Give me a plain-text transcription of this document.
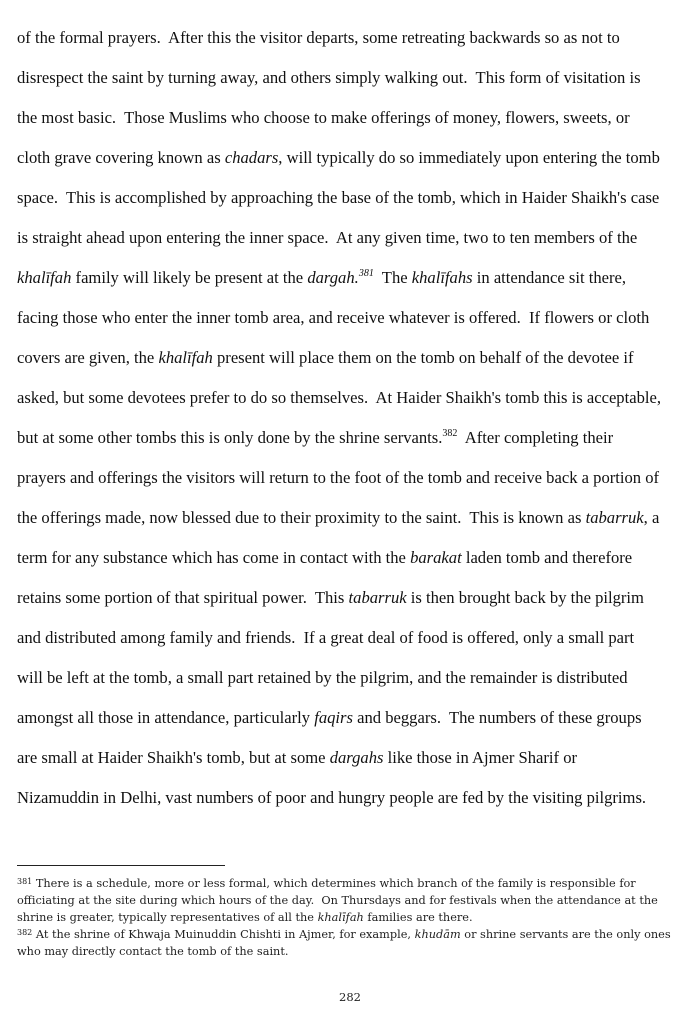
of the formal prayers.  After this the visitor departs, some retreating backwards so as not to
disrespect the saint by turning away, and others simply walking out.  This form of visitation is
the most basic.  Those Muslims who choose to make offerings of money, flowers, sweets, or
cloth grave covering known as chadars, will typically do so immediately upon entering the tomb
space.  This is accomplished by approaching the base of the tomb, which in Haider Shaikh's case
is straight ahead upon entering the inner space.  At any given time, two to ten members of the
khalīfah family will likely be present at the dargah.$^{381}$  The khalīfahs in attendance sit there,
facing those who enter the inner tomb area, and receive whatever is offered.  If flowers or cloth
covers are given, the khalīfah present will place them on the tomb on behalf of the devotee if
asked, but some devotees prefer to do so themselves.  At Haider Shaikh's tomb this is acceptable,
but at some other tombs this is only done by the shrine servants.$^{382}$  After completing their
prayers and offerings the visitors will return to the foot of the tomb and receive back a portion of
the offerings made, now blessed due to their proximity to the saint.  This is known as tabarruk, a
term for any substance which has come in contact with the barakat laden tomb and therefore
retains some portion of that spiritual power.  This tabarruk is then brought back by the pilgrim
and distributed among family and friends.  If a great deal of food is offered, only a small part
will be left at the tomb, a small part retained by the pilgrim, and the remainder is distributed
amongst all those in attendance, particularly faqirs and beggars.  The numbers of these groups
are small at Haider Shaikh's tomb, but at some dargahs like those in Ajmer Sharif or
Nizamuddin in Delhi, vast numbers of poor and hungry people are fed by the visiting pilgrims.
$^{381}$ There is a schedule, more or less formal, which determines which branch of the family is responsible for
officiating at the site during which hours of the day.  On Thursdays and for festivals when the attendance at the
shrine is greater, typically representatives of all the khalīfah families are there.
$^{382}$ At the shrine of Khwaja Muinuddin Chishti in Ajmer, for example, khudām or shrine servants are the only ones
who may directly contact the tomb of the saint.
282
